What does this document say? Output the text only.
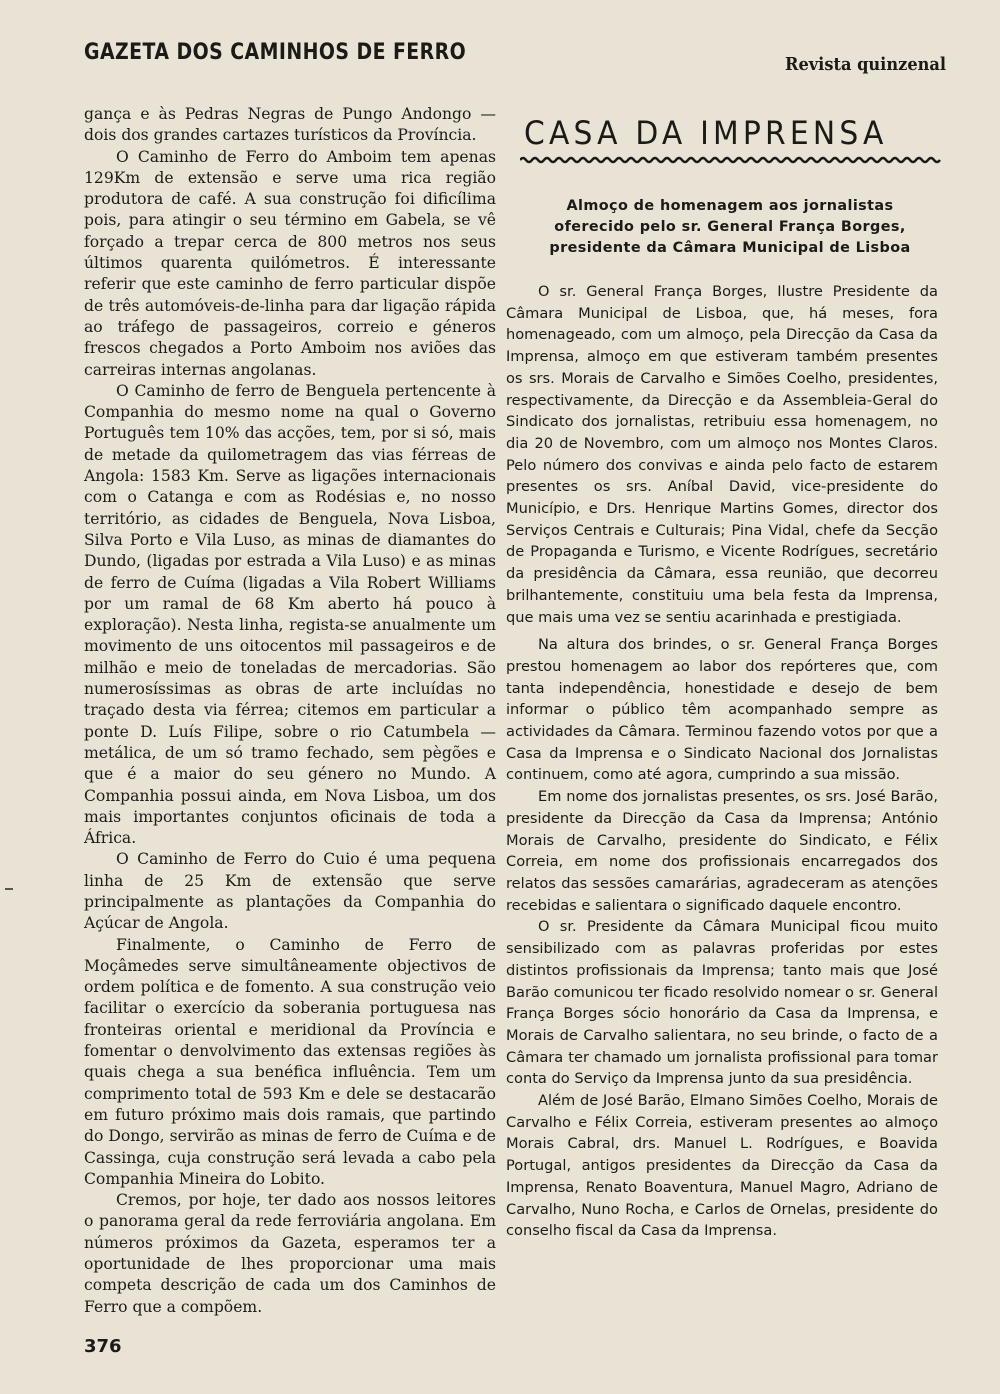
GAZETA DOS CAMINHOS DE FERRO	Revista quinzenal

gança e às Pedras Negras de Pungo Andongo — dois dos grandes cartazes turísticos da Província.

O Caminho de Ferro do Amboim tem apenas 129Km de extensão e serve uma rica região produtora de café. A sua construção foi dificílima pois, para atingir o seu término em Gabela, se vê forçado a trepar cerca de 800 metros nos seus últimos quarenta quilómetros. É interessante referir que este caminho de ferro particular dispõe de três automóveis-de-linha para dar ligação rápida ao tráfego de passageiros, correio e géneros frescos chegados a Porto Amboim nos aviões das carreiras internas angolanas.

O Caminho de ferro de Benguela pertencente à Companhia do mesmo nome na qual o Governo Português tem 10% das acções, tem, por si só, mais de metade da quilometragem das vias férreas de Angola: 1583 Km. Serve as ligações internacionais com o Catanga e com as Rodésias e, no nosso território, as cidades de Benguela, Nova Lisboa, Silva Porto e Vila Luso, as minas de diamantes do Dundo, (ligadas por estrada a Vila Luso) e as minas de ferro de Cuíma (ligadas a Vila Robert Williams por um ramal de 68 Km aberto há pouco à exploração). Nesta linha, regista-se anualmente um movimento de uns oitocentos mil passageiros e de milhão e meio de toneladas de mercadorias. São numerosíssimas as obras de arte incluídas no traçado desta via férrea; citemos em particular a ponte D. Luís Filipe, sobre o rio Catumbela — metálica, de um só tramo fechado, sem pègões e que é a maior do seu género no Mundo. A Companhia possui ainda, em Nova Lisboa, um dos mais importantes conjuntos oficinais de toda a África.

O Caminho de Ferro do Cuio é uma pequena linha de 25 Km de extensão que serve principalmente as plantações da Companhia do Açúcar de Angola.

Finalmente, o Caminho de Ferro de Moçâmedes serve simultâneamente objectivos de ordem política e de fomento. A sua construção veio facilitar o exercício da soberania portuguesa nas fronteiras oriental e meridional da Província e fomentar o denvolvimento das extensas regiões às quais chega a sua benéfica influência. Tem um comprimento total de 593 Km e dele se destacarão em futuro próximo mais dois ramais, que partindo do Dongo, servirão as minas de ferro de Cuíma e de Cassinga, cuja construção será levada a cabo pela Companhia Mineira do Lobito.

Cremos, por hoje, ter dado aos nossos leitores o panorama geral da rede ferroviária angolana. Em números próximos da Gazeta, esperamos ter a oportunidade de lhes proporcionar uma mais competa descrição de cada um dos Caminhos de Ferro que a compõem.

CASA DA IMPRENSA
Almoço de homenagem aos jornalistas
oferecido pelo sr. General França Borges,
presidente da Câmara Municipal de Lisboa

O sr. General França Borges, Ilustre Presidente da Câmara Municipal de Lisboa, que, há meses, fora homenageado, com um almoço, pela Direcção da Casa da Imprensa, almoço em que estiveram também presentes os srs. Morais de Carvalho e Simões Coelho, presidentes, respectivamente, da Direcção e da Assembleia-Geral do Sindicato dos jornalistas, retribuiu essa homenagem, no dia 20 de Novembro, com um almoço nos Montes Claros. Pelo número dos convivas e ainda pelo facto de estarem presentes os srs. Aníbal David, vice-presidente do Município, e Drs. Henrique Martins Gomes, director dos Serviços Centrais e Culturais; Pina Vidal, chefe da Secção de Propaganda e Turismo, e Vicente Rodrígues, secretário da presidência da Câmara, essa reunião, que decorreu brilhantemente, constituiu uma bela festa da Imprensa, que mais uma vez se sentiu acarinhada e prestigiada.

Na altura dos brindes, o sr. General França Borges prestou homenagem ao labor dos repórteres que, com tanta independência, honestidade e desejo de bem informar o público têm acompanhado sempre as actividades da Câmara. Terminou fazendo votos por que a Casa da Imprensa e o Sindicato Nacional dos Jornalistas continuem, como até agora, cumprindo a sua missão.

Em nome dos jornalistas presentes, os srs. José Barão, presidente da Direcção da Casa da Imprensa; António Morais de Carvalho, presidente do Sindicato, e Félix Correia, em nome dos profissionais encarregados dos relatos das sessões camarárias, agradeceram as atenções recebidas e salientara o significado daquele encontro.

O sr. Presidente da Câmara Municipal ficou muito sensibilizado com as palavras proferidas por estes distintos profissionais da Imprensa; tanto mais que José Barão comunicou ter ficado resolvido nomear o sr. General França Borges sócio honorário da Casa da Imprensa, e Morais de Carvalho salientara, no seu brinde, o facto de a Câmara ter chamado um jornalista profissional para tomar conta do Serviço da Imprensa junto da sua presidência.

Além de José Barão, Elmano Simões Coelho, Morais de Carvalho e Félix Correia, estiveram presentes ao almoço Morais Cabral, drs. Manuel L. Rodrígues, e Boavida Portugal, antigos presidentes da Direcção da Casa da Imprensa, Renato Boaventura, Manuel Magro, Adriano de Carvalho, Nuno Rocha, e Carlos de Ornelas, presidente do conselho fiscal da Casa da Imprensa.

376
